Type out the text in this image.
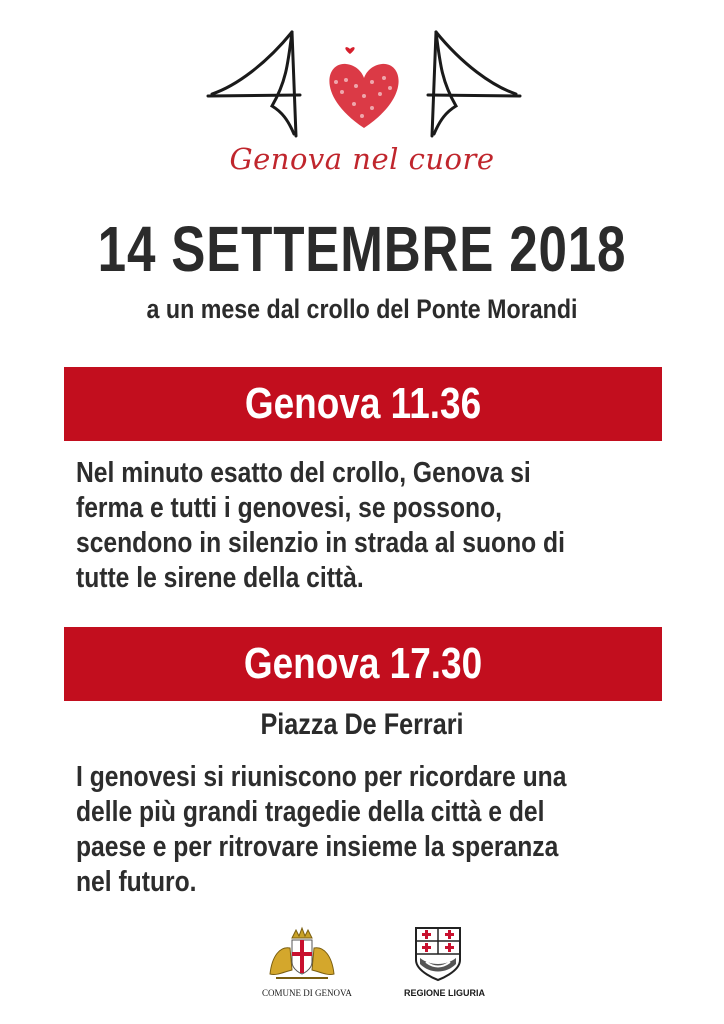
Genova nel cuore
14 SETTEMBRE 2018
a un mese dal crollo del Ponte Morandi
Genova 11.36
Nel minuto esatto del crollo, Genova si
ferma e tutti i genovesi, se possono,
scendono in silenzio in strada al suono di
tutte le sirene della città.
Genova 17.30
Piazza De Ferrari
I genovesi si riuniscono per ricordare una
delle più grandi tragedie della città e del
paese e per ritrovare insieme la speranza
nel futuro.
COMUNE DI GENOVA	REGIONE LIGURIA
